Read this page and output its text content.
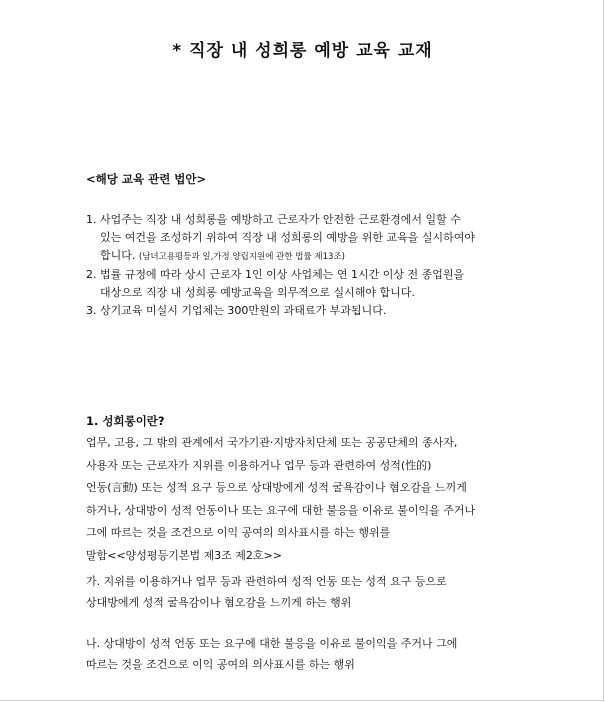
* 직장 내 성희롱 예방 교육 교재
<해당 교육 관련 법안>
1. 사업주는 직장 내 성희롱을 예방하고 근로자가 안전한 근로환경에서 일할 수
있는 여건을 조성하기 위하여 직장 내 성희롱의 예방을 위한 교육을 실시하여야
합니다. (남녀고용평등과 일,가정 양립지원에 관한 법률 제13조)
2. 법률 규정에 따라 상시 근로자 1인 이상 사업체는 연 1시간 이상 전 종업원을
대상으로 직장 내 성희롱 예방교육을 의무적으로 실시해야 합니다.
3. 상기교육 미실시 기업체는 300만원의 과태료가 부과됩니다.
1. 성희롱이란?
업무, 고용, 그 밖의 관계에서 국가기관·지방자치단체 또는 공공단체의 종사자,
사용자 또는 근로자가 지위를 이용하거나 업무 등과 관련하여 성적(性的)
언동(言動) 또는 성적 요구 등으로 상대방에게 성적 굴욕감이나 혐오감을 느끼게
하거나, 상대방이 성적 언동이나 또는 요구에 대한 불응을 이유로 불이익을 주거나
그에 따르는 것을 조건으로 이익 공여의 의사표시를 하는 행위를
말함<<양성평등기본법 제3조 제2호>>
가. 지위를 이용하거나 업무 등과 관련하여 성적 언동 또는 성적 요구 등으로
상대방에게 성적 굴욕감이나 혐오감을 느끼게 하는 행위
나. 상대방이 성적 언동 또는 요구에 대한 불응을 이유로 불이익을 주거나 그에
따르는 것을 조건으로 이익 공여의 의사표시를 하는 행위
